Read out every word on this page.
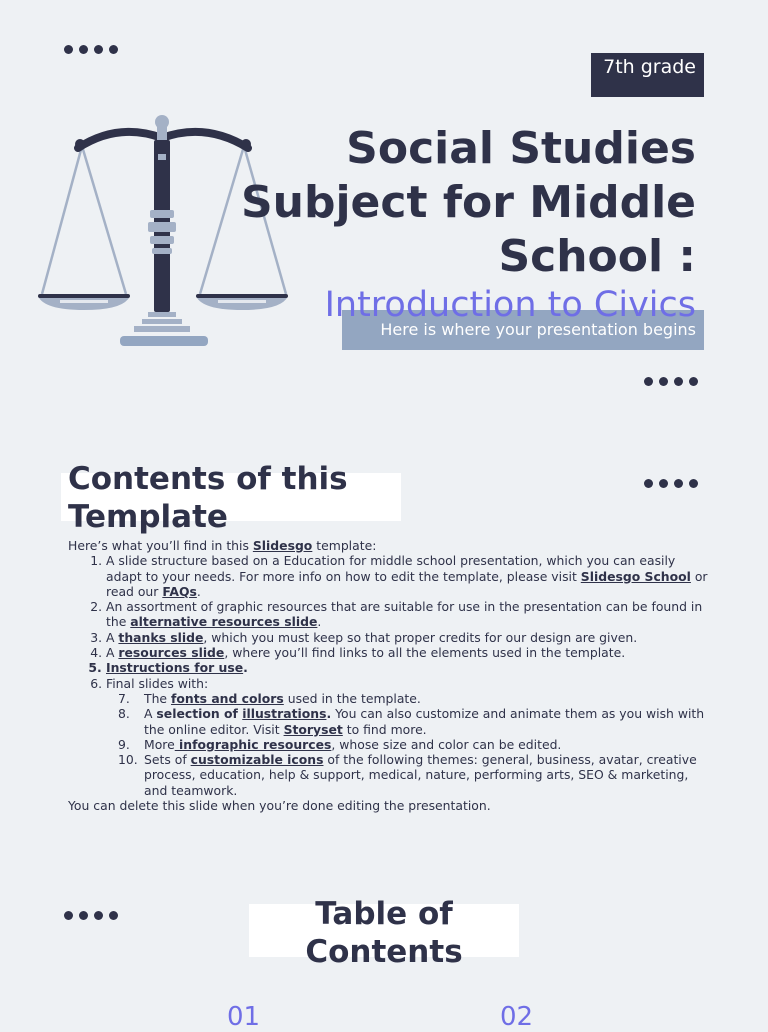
7th grade
Social Studies Subject for Middle School :
Introduction to Civics
Here is where your presentation begins
Contents of this Template

Here’s what you’ll find in this Slidesgo template:

1. A slide structure based on a Education for middle school presentation, which you can easily adapt to your needs. For more info on how to edit the template, please visit Slidesgo School or read our FAQs.
2. An assortment of graphic resources that are suitable for use in the presentation can be found in the alternative resources slide.
3. A thanks slide, which you must keep so that proper credits for our design are given.
4. A resources slide, where you’ll find links to all the elements used in the template.
5. Instructions for use.
6. Final slides with:
The fonts and colors used in the template.
A selection of illustrations. You can also customize and animate them as you wish with the online editor. Visit Storyset to find more.
More infographic resources, whose size and color can be edited.
Sets of customizable icons of the following themes: general, business, avatar, creative process, education, help & support, medical, nature, performing arts, SEO & marketing, and teamwork.

You can delete this slide when you’re done editing the presentation.

Table of Contents
01	02
